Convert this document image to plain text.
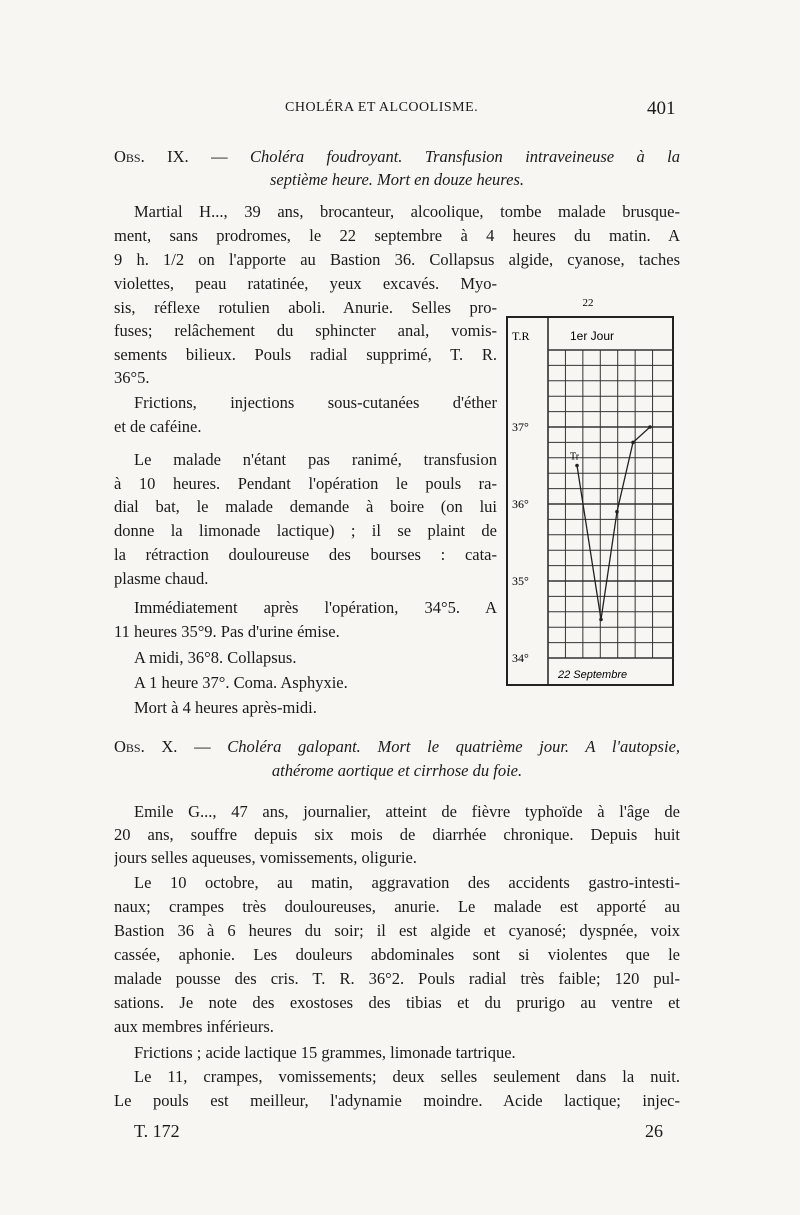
CHOLÉRA ET ALCOOLISME.	401
Obs. IX. — Choléra foudroyant. Transfusion intraveineuse à la
septième heure. Mort en douze heures.
Martial H..., 39 ans, brocanteur, alcoolique, tombe malade brusque-
ment, sans prodromes, le 22 septembre à 4 heures du matin. A
9 h. 1/2 on l'apporte au Bastion 36. Collapsus algide, cyanose, taches
violettes, peau ratatinée, yeux excavés. Myo-
sis, réflexe rotulien aboli. Anurie. Selles pro-
fuses; relâchement du sphincter anal, vomis-
sements bilieux. Pouls radial supprimé, T. R.
36°5.
Frictions, injections sous-cutanées d'éther
et de caféine.
Le malade n'étant pas ranimé, transfusion
à 10 heures. Pendant l'opération le pouls ra-
dial bat, le malade demande à boire (on lui
donne la limonade lactique) ; il se plaint de
la rétraction douloureuse des bourses : cata-
plasme chaud.
Immédiatement après l'opération, 34°5. A
11 heures 35°9. Pas d'urine émise.
A midi, 36°8. Collapsus.
A 1 heure 37°. Coma. Asphyxie.
Mort à 4 heures après-midi.
Obs. X. — Choléra galopant. Mort le quatrième jour. A l'autopsie,
athérome aortique et cirrhose du foie.
Emile G..., 47 ans, journalier, atteint de fièvre typhoïde à l'âge de
20 ans, souffre depuis six mois de diarrhée chronique. Depuis huit
jours selles aqueuses, vomissements, oligurie.
Le 10 octobre, au matin, aggravation des accidents gastro-intesti-
naux; crampes très douloureuses, anurie. Le malade est apporté au
Bastion 36 à 6 heures du soir; il est algide et cyanosé; dyspnée, voix
cassée, aphonie. Les douleurs abdominales sont si violentes que le
malade pousse des cris. T. R. 36°2. Pouls radial très faible; 120 pul-
sations. Je note des exostoses des tibias et du prurigo au ventre et
aux membres inférieurs.
Frictions ; acide lactique 15 grammes, limonade tartrique.
Le 11, crampes, vomissements; deux selles seulement dans la nuit.
Le pouls est meilleur, l'adynamie moindre. Acide lactique; injec-
22
1er Jour
T.R
22 Septembre
37°
36°
35°
34°
Tr
T. 172	26
